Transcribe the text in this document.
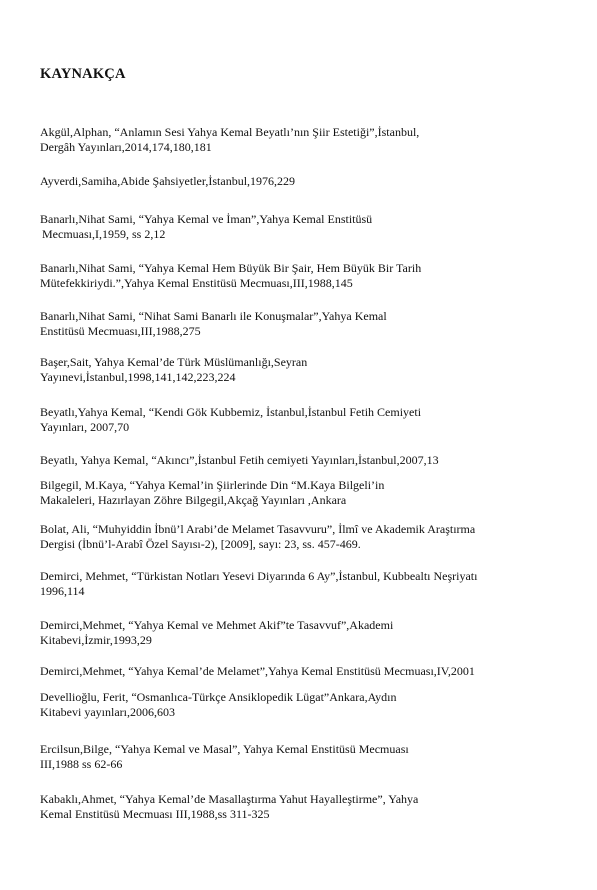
KAYNAKÇA
Akgül,Alphan, “Anlamın Sesi Yahya Kemal Beyatlı’nın Şiir Estetiği”,İstanbul,
Dergâh Yayınları,2014,174,180,181
Ayverdi,Samiha,Abide Şahsiyetler,İstanbul,1976,229
Banarlı,Nihat Sami, “Yahya Kemal ve İman”,Yahya Kemal Enstitüsü
Mecmuası,I,1959, ss 2,12
Banarlı,Nihat Sami, “Yahya Kemal Hem Büyük Bir Şair, Hem Büyük Bir Tarih
Mütefekkiriydi.”,Yahya Kemal Enstitüsü Mecmuası,III,1988,145
Banarlı,Nihat Sami, “Nihat Sami Banarlı ile Konuşmalar”,Yahya Kemal
Enstitüsü Mecmuası,III,1988,275
Başer,Sait, Yahya Kemal’de Türk Müslümanlığı,Seyran
Yayınevi,İstanbul,1998,141,142,223,224
Beyatlı,Yahya Kemal, “Kendi Gök Kubbemiz, İstanbul,İstanbul Fetih Cemiyeti
Yayınları, 2007,70
Beyatlı, Yahya Kemal, “Akıncı”,İstanbul Fetih cemiyeti Yayınları,İstanbul,2007,13
Bilgegil, M.Kaya, “Yahya Kemal’in Şiirlerinde Din “M.Kaya Bilgeli’in
Makaleleri, Hazırlayan Zöhre Bilgegil,Akçağ Yayınları ,Ankara
Bolat, Ali, “Muhyiddin İbnü’l Arabi’de Melamet Tasavvuru”, İlmî ve Akademik Araştırma
Dergisi (İbnü’l-Arabî Özel Sayısı-2), [2009], sayı: 23, ss. 457-469.
Demirci, Mehmet, “Türkistan Notları Yesevi Diyarında 6 Ay”,İstanbul, Kubbealtı Neşriyatı
1996,114
Demirci,Mehmet, “Yahya Kemal ve Mehmet Akif”te Tasavvuf”,Akademi
Kitabevi,İzmir,1993,29
Demirci,Mehmet, “Yahya Kemal’de Melamet”,Yahya Kemal Enstitüsü Mecmuası,IV,2001
Devellioğlu, Ferit, “Osmanlıca-Türkçe Ansiklopedik Lügat”Ankara,Aydın
Kitabevi yayınları,2006,603
Ercilsun,Bilge, “Yahya Kemal ve Masal”, Yahya Kemal Enstitüsü Mecmuası
III,1988 ss 62-66
Kabaklı,Ahmet, “Yahya Kemal’de Masallaştırma Yahut Hayalleştirme”, Yahya
Kemal Enstitüsü Mecmuası III,1988,ss 311-325
